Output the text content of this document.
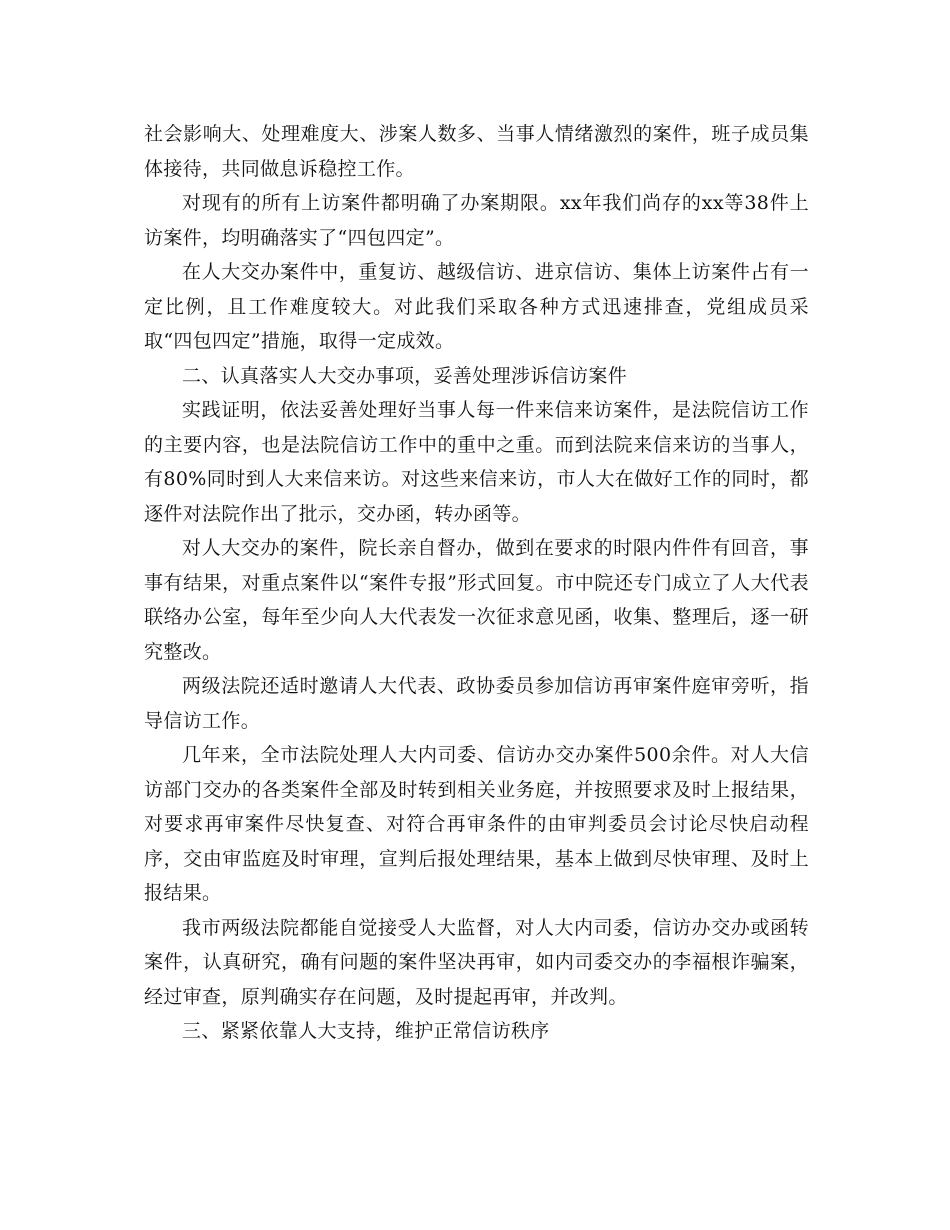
社会影响大、处理难度大、涉案人数多、当事人情绪激烈的案件，班子成员集体接待，共同做息诉稳控工作。

对现有的所有上访案件都明确了办案期限。xx年我们尚存的xx等38件上访案件，均明确落实了“四包四定”。

在人大交办案件中，重复访、越级信访、进京信访、集体上访案件占有一定比例，且工作难度较大。对此我们采取各种方式迅速排查，党组成员采取“四包四定”措施，取得一定成效。

二、认真落实人大交办事项，妥善处理涉诉信访案件

实践证明，依法妥善处理好当事人每一件来信来访案件，是法院信访工作的主要内容，也是法院信访工作中的重中之重。而到法院来信来访的当事人，有80%同时到人大来信来访。对这些来信来访，市人大在做好工作的同时，都逐件对法院作出了批示，交办函，转办函等。

对人大交办的案件，院长亲自督办，做到在要求的时限内件件有回音，事事有结果，对重点案件以“案件专报”形式回复。市中院还专门成立了人大代表联络办公室，每年至少向人大代表发一次征求意见函，收集、整理后，逐一研究整改。

两级法院还适时邀请人大代表、政协委员参加信访再审案件庭审旁听，指导信访工作。

几年来，全市法院处理人大内司委、信访办交办案件500余件。对人大信访部门交办的各类案件全部及时转到相关业务庭，并按照要求及时上报结果，对要求再审案件尽快复查、对符合再审条件的由审判委员会讨论尽快启动程序，交由审监庭及时审理，宣判后报处理结果，基本上做到尽快审理、及时上报结果。

我市两级法院都能自觉接受人大监督，对人大内司委，信访办交办或函转案件，认真研究，确有问题的案件坚决再审，如内司委交办的李福根诈骗案，经过审查，原判确实存在问题，及时提起再审，并改判。

三、紧紧依靠人大支持，维护正常信访秩序
